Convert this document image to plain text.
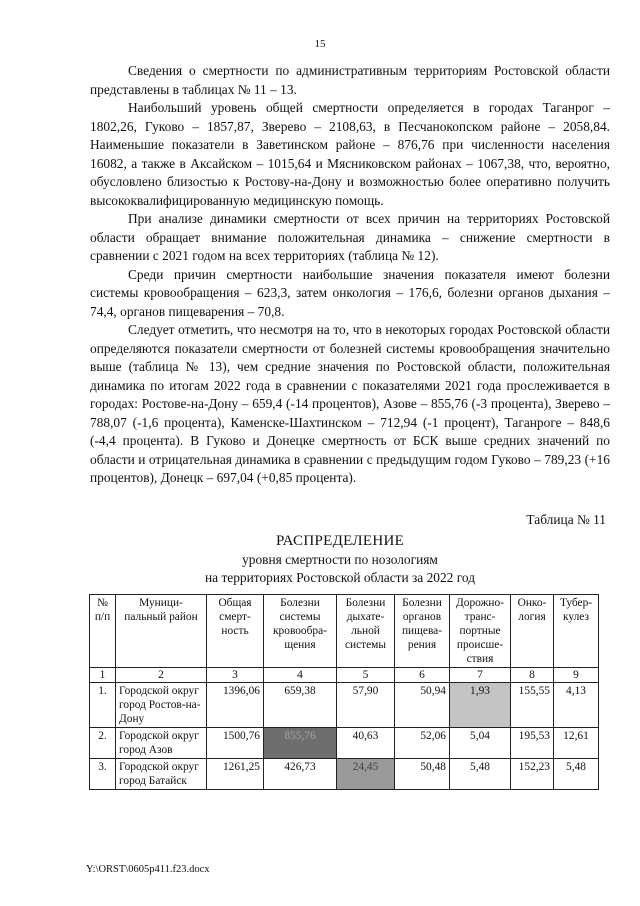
15

Сведения о смертности по административным территориям Ростовской области представлены в таблицах № 11 – 13.

Наибольший уровень общей смертности определяется в городах Таганрог – 1802,26, Гуково – 1857,87, Зверево – 2108,63, в Песчанокопском районе – 2058,84. Наименьшие показатели в Заветинском районе – 876,76 при численности населения 16082, а также в Аксайском – 1015,64 и Мясниковском районах – 1067,38, что, вероятно, обусловлено близостью к Ростову-на-Дону и возможностью более оперативно получить высококвалифицированную медицинскую помощь.

При анализе динамики смертности от всех причин на территориях Ростовской области обращает внимание положительная динамика – снижение смертности в сравнении с 2021 годом на всех территориях (таблица № 12).

Среди причин смертности наибольшие значения показателя имеют болезни системы кровообращения – 623,3, затем онкология – 176,6, болезни органов дыхания – 74,4, органов пищеварения – 70,8.

Следует отметить, что несмотря на то, что в некоторых городах Ростовской области определяются показатели смертности от болезней системы кровообращения значительно выше (таблица № 13), чем средние значения по Ростовской области, положительная динамика по итогам 2022 года в сравнении с показателями 2021 года прослеживается в городах: Ростове-на-Дону – 659,4 (-14 процентов), Азове – 855,76 (-3 процента), Зверево – 788,07 (-1,6 процента), Каменске-Шахтинском – 712,94 (-1 процент), Таганроге – 848,6 (-4,4 процента). В Гуково и Донецке смертность от БСК выше средних значений по области и отрицательная динамика в сравнении с предыдущим годом Гуково – 789,23 (+16 процентов), Донецк – 697,04 (+0,85 процента).

Таблица № 11
РАСПРЕДЕЛЕНИЕ
уровня смертности по нозологиям
на территориях Ростовской области за 2022 год
№ п/п	Муници-пальный район	Общая смерт-ность	Болезни системы кровообра-щения	Болезни дыхате-льной системы	Болезни органов пищева-рения	Дорожно-транс-портные происше-ствия	Онко-логия	Тубер-кулез
1	2	3	4	5	6	7	8	9
1.	Городской округ город Ростов-на-Дону	1396,06	659,38	57,90	50,94	1,93	155,55	4,13
2.	Городской округ город Азов	1500,76	855,76	40,63	52,06	5,04	195,53	12,61
3.	Городской округ город Батайск	1261,25	426,73	24,45	50,48	5,48	152,23	5,48
Y:\ORST\0605p411.f23.docx
